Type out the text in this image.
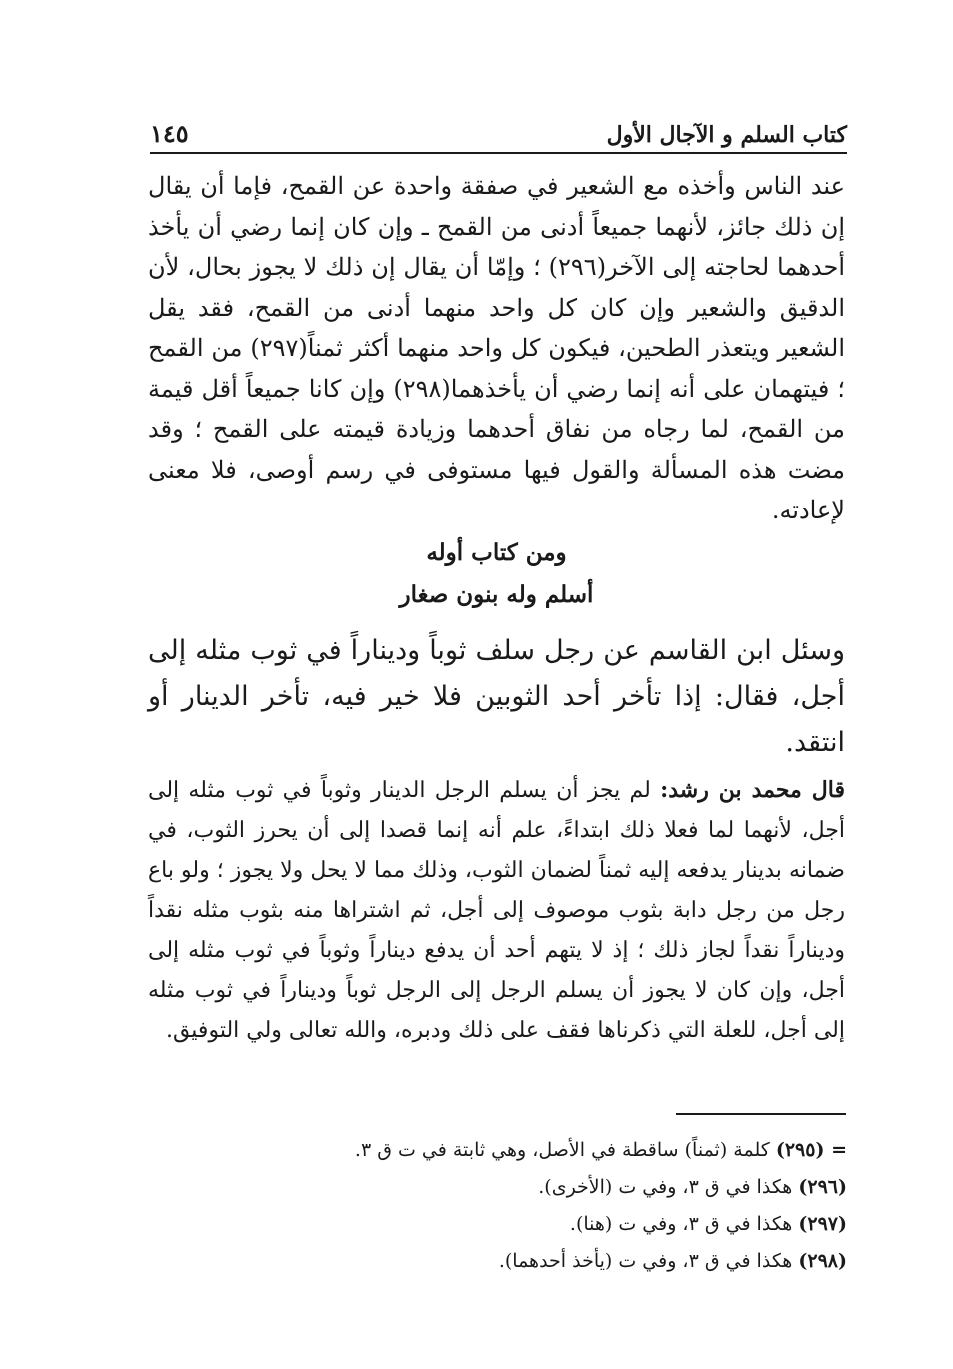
كتاب السلم و الآجال الأول
١٤٥

عند الناس وأخذه مع الشعير في صفقة واحدة عن القمح، فإما أن يقال إن ذلك جائز، لأنهما جميعاً أدنى من القمح ـ وإن كان إنما رضي أن يأخذ أحدهما لحاجته إلى الآخر(٢٩٦) ؛ وإمّا أن يقال إن ذلك لا يجوز بحال، لأن الدقيق والشعير وإن كان كل واحد منهما أدنى من القمح، فقد يقل الشعير ويتعذر الطحين، فيكون كل واحد منهما أكثر ثمناً(٢٩٧) من القمح ؛ فيتهمان على أنه إنما رضي أن يأخذهما(٢٩٨) وإن كانا جميعاً أقل قيمة من القمح، لما رجاه من نفاق أحدهما وزيادة قيمته على القمح ؛ وقد مضت هذه المسألة والقول فيها مستوفى في رسم أوصى، فلا معنى لإعادته.

ومن كتاب أوله
أسلم وله بنون صغار

وسئل ابن القاسم عن رجل سلف ثوباً وديناراً في ثوب مثله إلى أجل، فقال: إذا تأخر أحد الثوبين فلا خير فيه، تأخر الدينار أو انتقد.

قال محمد بن رشد: لم يجز أن يسلم الرجل الدينار وثوباً في ثوب مثله إلى أجل، لأنهما لما فعلا ذلك ابتداءً، علم أنه إنما قصدا إلى أن يحرز الثوب، في ضمانه بدينار يدفعه إليه ثمناً لضمان الثوب، وذلك مما لا يحل ولا يجوز ؛ ولو باع رجل من رجل دابة بثوب موصوف إلى أجل، ثم اشتراها منه بثوب مثله نقداً وديناراً نقداً لجاز ذلك ؛ إذ لا يتهم أحد أن يدفع ديناراً وثوباً في ثوب مثله إلى أجل، وإن كان لا يجوز أن يسلم الرجل إلى الرجل ثوباً وديناراً في ثوب مثله إلى أجل، للعلة التي ذكرناها فقف على ذلك ودبره، والله تعالى ولي التوفيق.

= (٢٩٥) كلمة (ثمناً) ساقطة في الأصل، وهي ثابتة في ت ق ٣.
(٢٩٦) هكذا في ق ٣، وفي ت (الأخرى).
(٢٩٧) هكذا في ق ٣، وفي ت (هنا).
(٢٩٨) هكذا في ق ٣، وفي ت (يأخذ أحدهما).
